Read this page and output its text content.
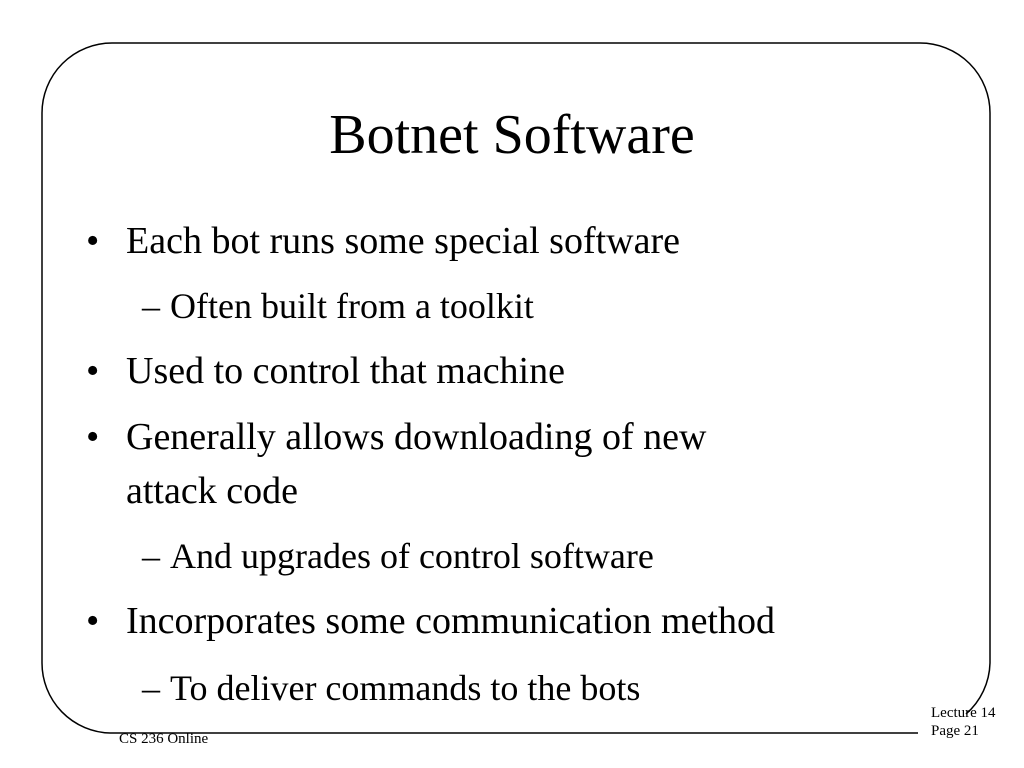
Botnet Software
• Each bot runs some special software
– Often built from a toolkit
• Used to control that machine
• Generally allows downloading of new
attack code
– And upgrades of control software
• Incorporates some communication method
– To deliver commands to the bots
CS 236 Online
Lecture 14
Page 21
